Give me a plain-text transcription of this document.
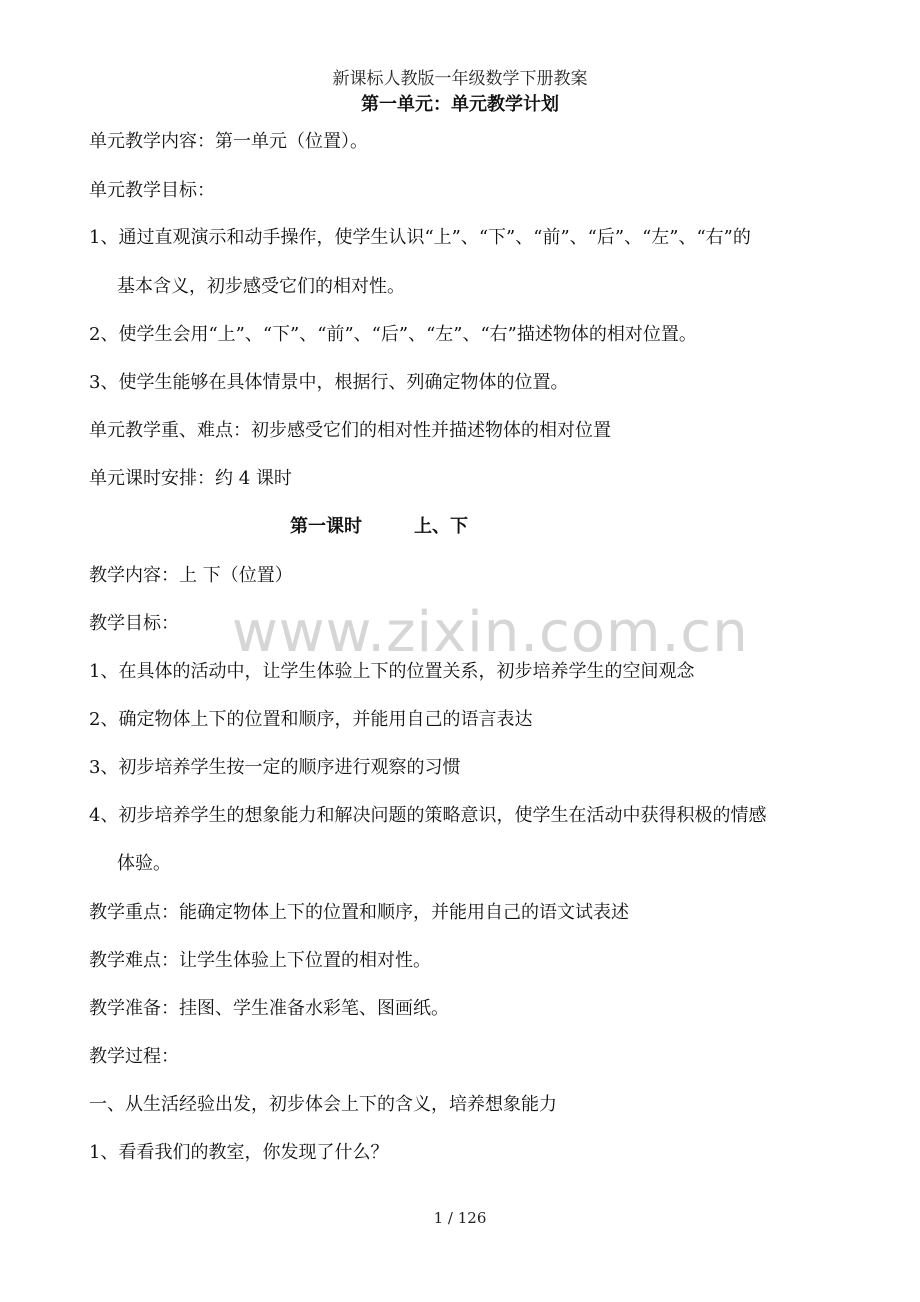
新课标人教版一年级数学下册教案
第一单元：单元教学计划
单元教学内容：第一单元（位置）。
单元教学目标：
1、通过直观演示和动手操作，使学生认识“上”、“下”、“前”、“后”、“左”、“右”的
基本含义，初步感受它们的相对性。
2、使学生会用“上”、“下”、“前”、“后”、“左”、“右”描述物体的相对位置。
3、使学生能够在具体情景中，根据行、列确定物体的位置。
单元教学重、难点：初步感受它们的相对性并描述物体的相对位置
单元课时安排：约 4 课时
第一课时	上、下
教学内容：上 下（位置）
教学目标： www.zixin.com.cn
1、在具体的活动中，让学生体验上下的位置关系，初步培养学生的空间观念
2、确定物体上下的位置和顺序，并能用自己的语言表达
3、初步培养学生按一定的顺序进行观察的习惯
4、初步培养学生的想象能力和解决问题的策略意识，使学生在活动中获得积极的情感
体验。
教学重点：能确定物体上下的位置和顺序，并能用自己的语文试表述
教学难点：让学生体验上下位置的相对性。
教学准备：挂图、学生准备水彩笔、图画纸。
教学过程：
一、从生活经验出发，初步体会上下的含义，培养想象能力
1、看看我们的教室，你发现了什么？
1 / 126
